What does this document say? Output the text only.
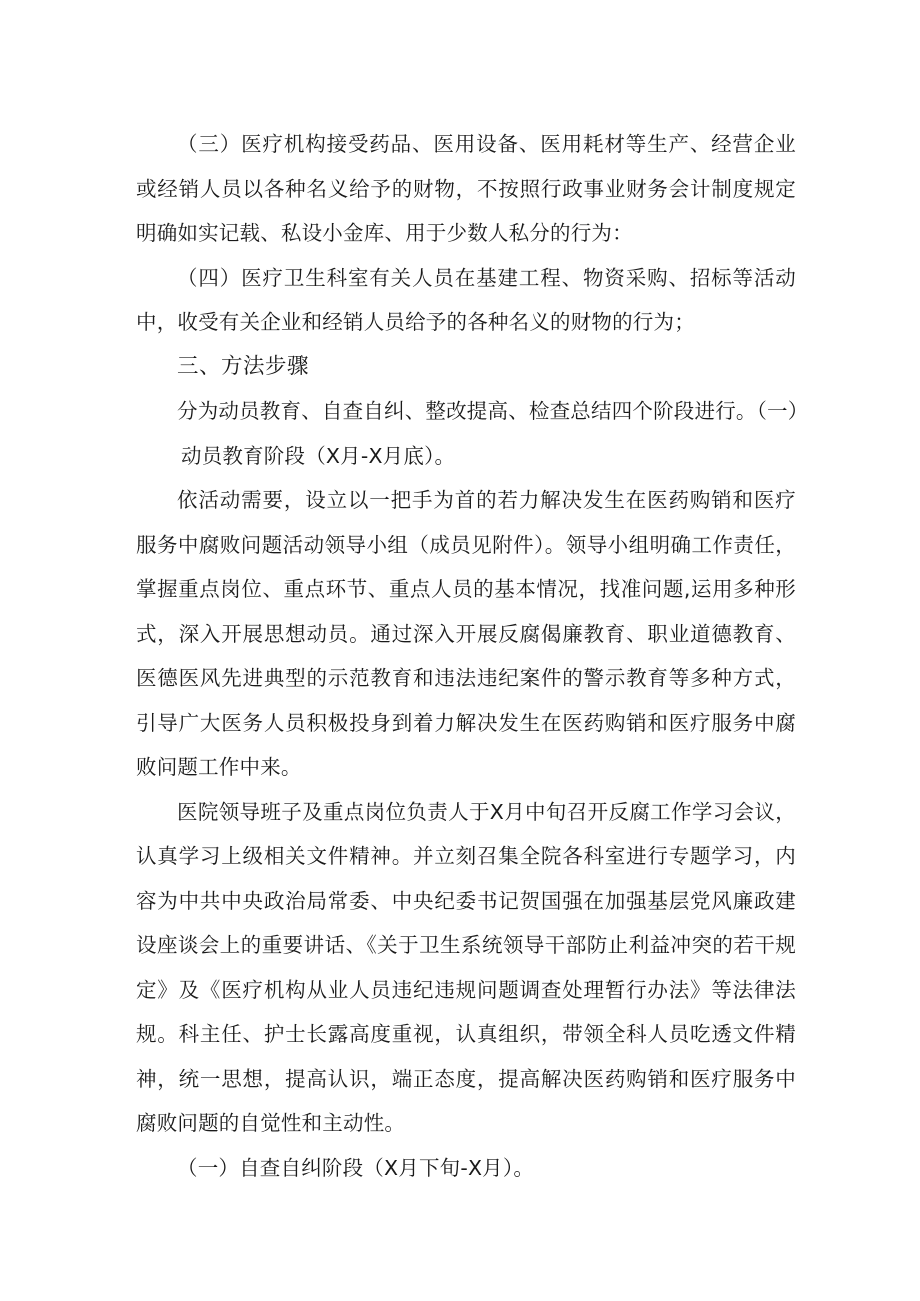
（三）医疗机构接受药品、医用设备、医用耗材等生产、经营企业或经销人员以各种名义给予的财物，不按照行政事业财务会计制度规定明确如实记载、私设小金库、用于少数人私分的行为：

（四）医疗卫生科室有关人员在基建工程、物资采购、招标等活动中，收受有关企业和经销人员给予的各种名义的财物的行为；

三、方法步骤

分为动员教育、自查自纠、整改提高、检查总结四个阶段进行。（一）

动员教育阶段（X月-X月底）。

依活动需要，设立以一把手为首的若力解决发生在医药购销和医疗服务中腐败问题活动领导小组（成员见附件）。领导小组明确工作责任，掌握重点岗位、重点环节、重点人员的基本情况，找准问题,运用多种形式，深入开展思想动员。通过深入开展反腐偈廉教育、职业道德教育、医德医风先进典型的示范教育和违法违纪案件的警示教育等多种方式，引导广大医务人员积极投身到着力解决发生在医药购销和医疗服务中腐败问题工作中来。

医院领导班子及重点岗位负责人于X月中旬召开反腐工作学习会议，认真学习上级相关文件精神。并立刻召集全院各科室进行专题学习，内容为中共中央政治局常委、中央纪委书记贺国强在加强基层党风廉政建设座谈会上的重要讲话、《关于卫生系统领导干部防止利益冲突的若干规定》及《医疗机构从业人员违纪违规问题调查处理暂行办法》等法律法规。科主任、护士长露高度重视，认真组织，带领全科人员吃透文件精神，统一思想，提高认识，端正态度，提高解决医药购销和医疗服务中腐败问题的自觉性和主动性。

（一）自查自纠阶段（X月下旬-X月）。
